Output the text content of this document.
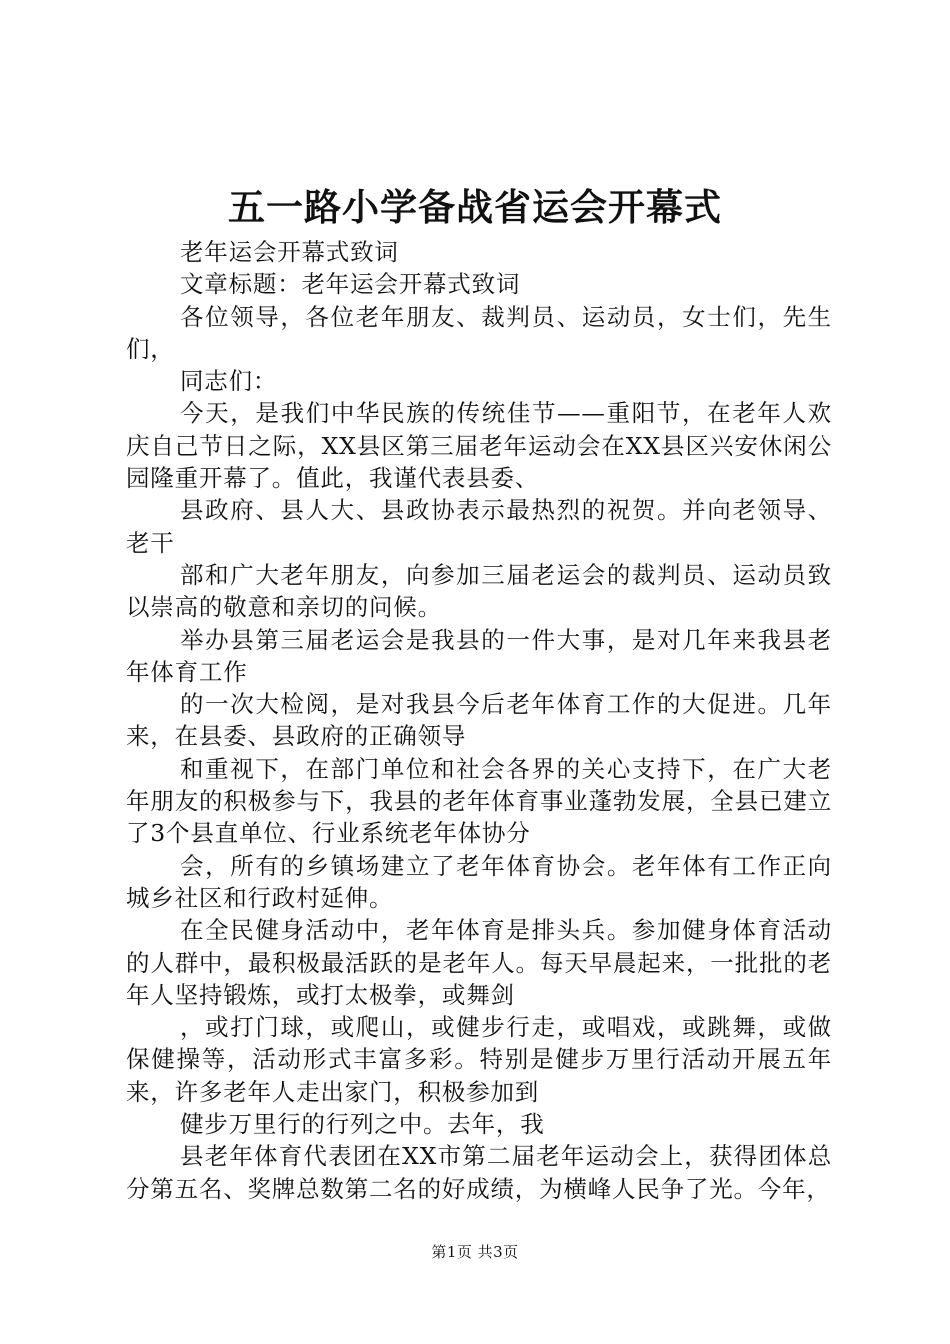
五一路小学备战省运会开幕式

老年运会开幕式致词

文章标题：老年运会开幕式致词

各位领导，各位老年朋友、裁判员、运动员，女士们，先生们，

同志们：

今天，是我们中华民族的传统佳节——重阳节，在老年人欢庆自己节日之际，XX县区第三届老年运动会在XX县区兴安休闲公园隆重开幕了。值此，我谨代表县委、

县政府、县人大、县政协表示最热烈的祝贺。并向老领导、老干

部和广大老年朋友，向参加三届老运会的裁判员、运动员致以崇高的敬意和亲切的问候。

举办县第三届老运会是我县的一件大事，是对几年来我县老年体育工作

的一次大检阅，是对我县今后老年体育工作的大促进。几年来，在县委、县政府的正确领导

和重视下，在部门单位和社会各界的关心支持下，在广大老年朋友的积极参与下，我县的老年体育事业蓬勃发展，全县已建立了3个县直单位、行业系统老年体协分

会，所有的乡镇场建立了老年体育协会。老年体有工作正向城乡社区和行政村延伸。

在全民健身活动中，老年体育是排头兵。参加健身体育活动的人群中，最积极最活跃的是老年人。每天早晨起来，一批批的老年人坚持锻炼，或打太极拳，或舞剑

，或打门球，或爬山，或健步行走，或唱戏，或跳舞，或做保健操等，活动形式丰富多彩。特别是健步万里行活动开展五年来，许多老年人走出家门，积极参加到

健步万里行的行列之中。去年，我

县老年体育代表团在XX市第二届老年运动会上，获得团体总分第五名、奖牌总数第二名的好成绩，为横峰人民争了光。今年，

第1页 共3页
